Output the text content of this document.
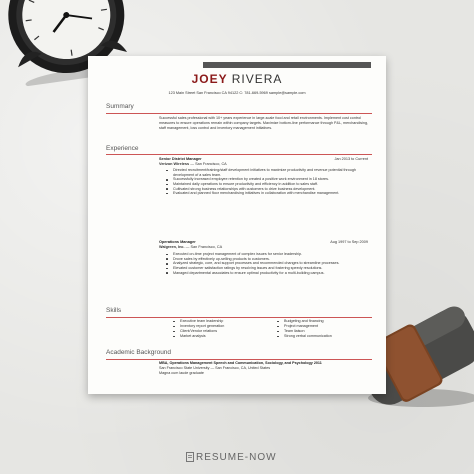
JOEY RIVERA
123 Main Street San Francisco CA 94122 C: 781-669-5969 sample@sample.com
Summary
Successful sales professional with 10+ years experience in large-scale food and retail environments. Implement cost control measures to ensure operations remain within company targets. Maximize bottom-line performance through P&L, merchandising, staff management, loss control and inventory management initiatives.
Experience
Senior District Manager	Jan 2013 to Current
Verizon Wireless — San Francisco, CA
Directed recruitment/training/staff development initiatives to maximize productivity and revenue potential through development of a sales team.
Successfully increased employee retention by created a positive work environment in 18 stores.
Maintained daily operations to ensure productivity and efficiency in addition to sales staff.
Cultivated strong business relationships with customers to drive business development.
Evaluated and planned floor merchandising initiatives in collaboration with merchandise management.
Operations Manager	Aug 1997 to Sep 2009
Walgreen, Inc. — San Francisco, CA
Executed on-time project management of complex issues for senior leadership.
Drove sales by effectively up-selling products to customers.
Analyzed strategic, core, and support processes and recommended changes to streamline processes.
Elevated customer satisfaction ratings by resolving issues and fostering speedy resolutions.
Managed departmental associates to ensure optimal productivity for a multi-building campus.
Skills
Executive team leadership
Inventory report generation
Client/Vendor relations
Market analysis
Budgeting and financing
Project management
Team liaison
Strong verbal communication
Academic Background
MBA, Operations Management Speech and Communication, Sociology, and Psychology 2011
San Francisco State University — San Francisco, CA, United States
Magna cum laude graduate
RESUME-NOW
